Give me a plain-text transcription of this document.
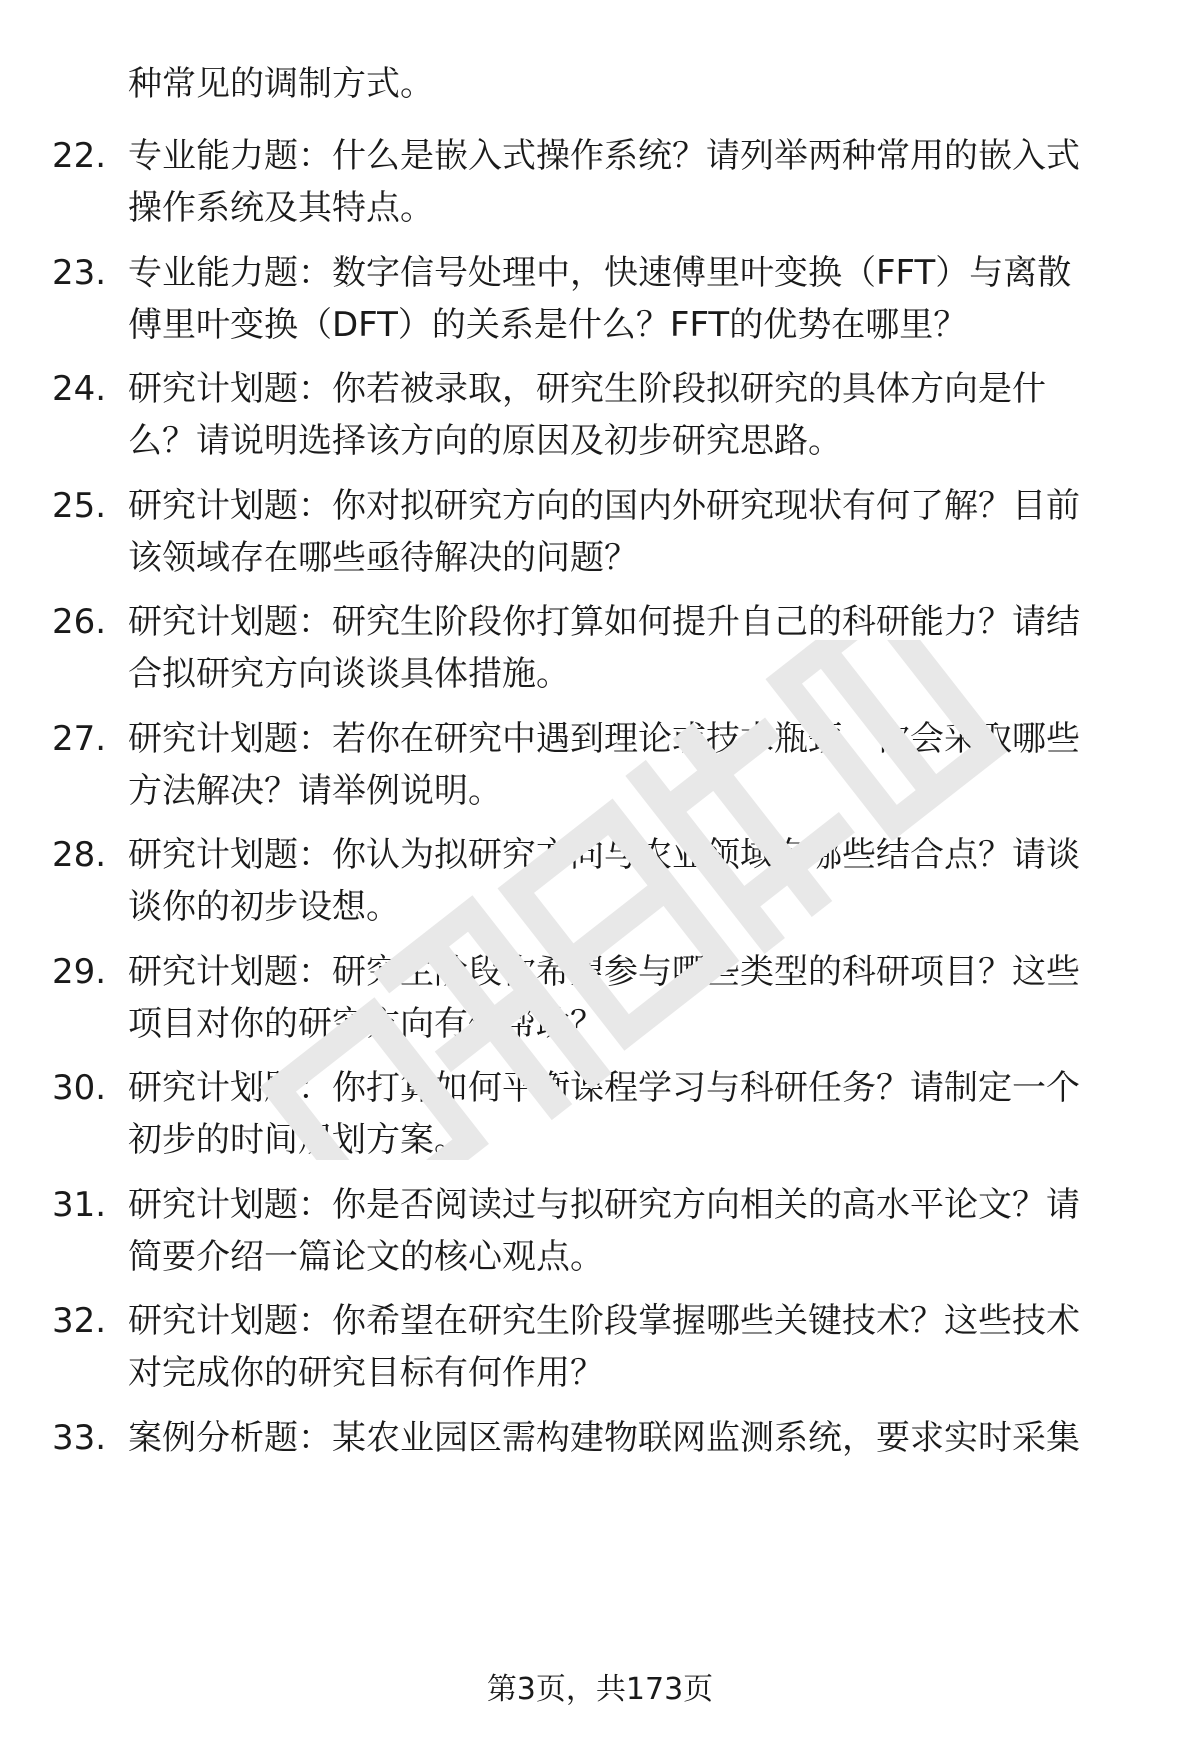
种常见的调制方式。
22. 专业能力题：什么是嵌入式操作系统？请列举两种常用的嵌入式
操作系统及其特点。
23. 专业能力题：数字信号处理中，快速傅里叶变换（FFT）与离散
傅里叶变换（DFT）的关系是什么？FFT的优势在哪里？
24. 研究计划题：你若被录取，研究生阶段拟研究的具体方向是什
么？请说明选择该方向的原因及初步研究思路。
25. 研究计划题：你对拟研究方向的国内外研究现状有何了解？目前
该领域存在哪些亟待解决的问题？
26. 研究计划题：研究生阶段你打算如何提升自己的科研能力？请结
合拟研究方向谈谈具体措施。
27. 研究计划题：若你在研究中遇到理论或技术瓶颈，你会采取哪些
方法解决？请举例说明。
28. 研究计划题：你认为拟研究方向与农业领域有哪些结合点？请谈
谈你的初步设想。
29. 研究计划题：研究生阶段你希望参与哪些类型的科研项目？这些
项目对你的研究方向有何帮助？
30. 研究计划题：你打算如何平衡课程学习与科研任务？请制定一个
初步的时间规划方案。
31. 研究计划题：你是否阅读过与拟研究方向相关的高水平论文？请
简要介绍一篇论文的核心观点。
32. 研究计划题：你希望在研究生阶段掌握哪些关键技术？这些技术
对完成你的研究目标有何作用？
33. 案例分析题：某农业园区需构建物联网监测系统，要求实时采集
第3页，共173页
